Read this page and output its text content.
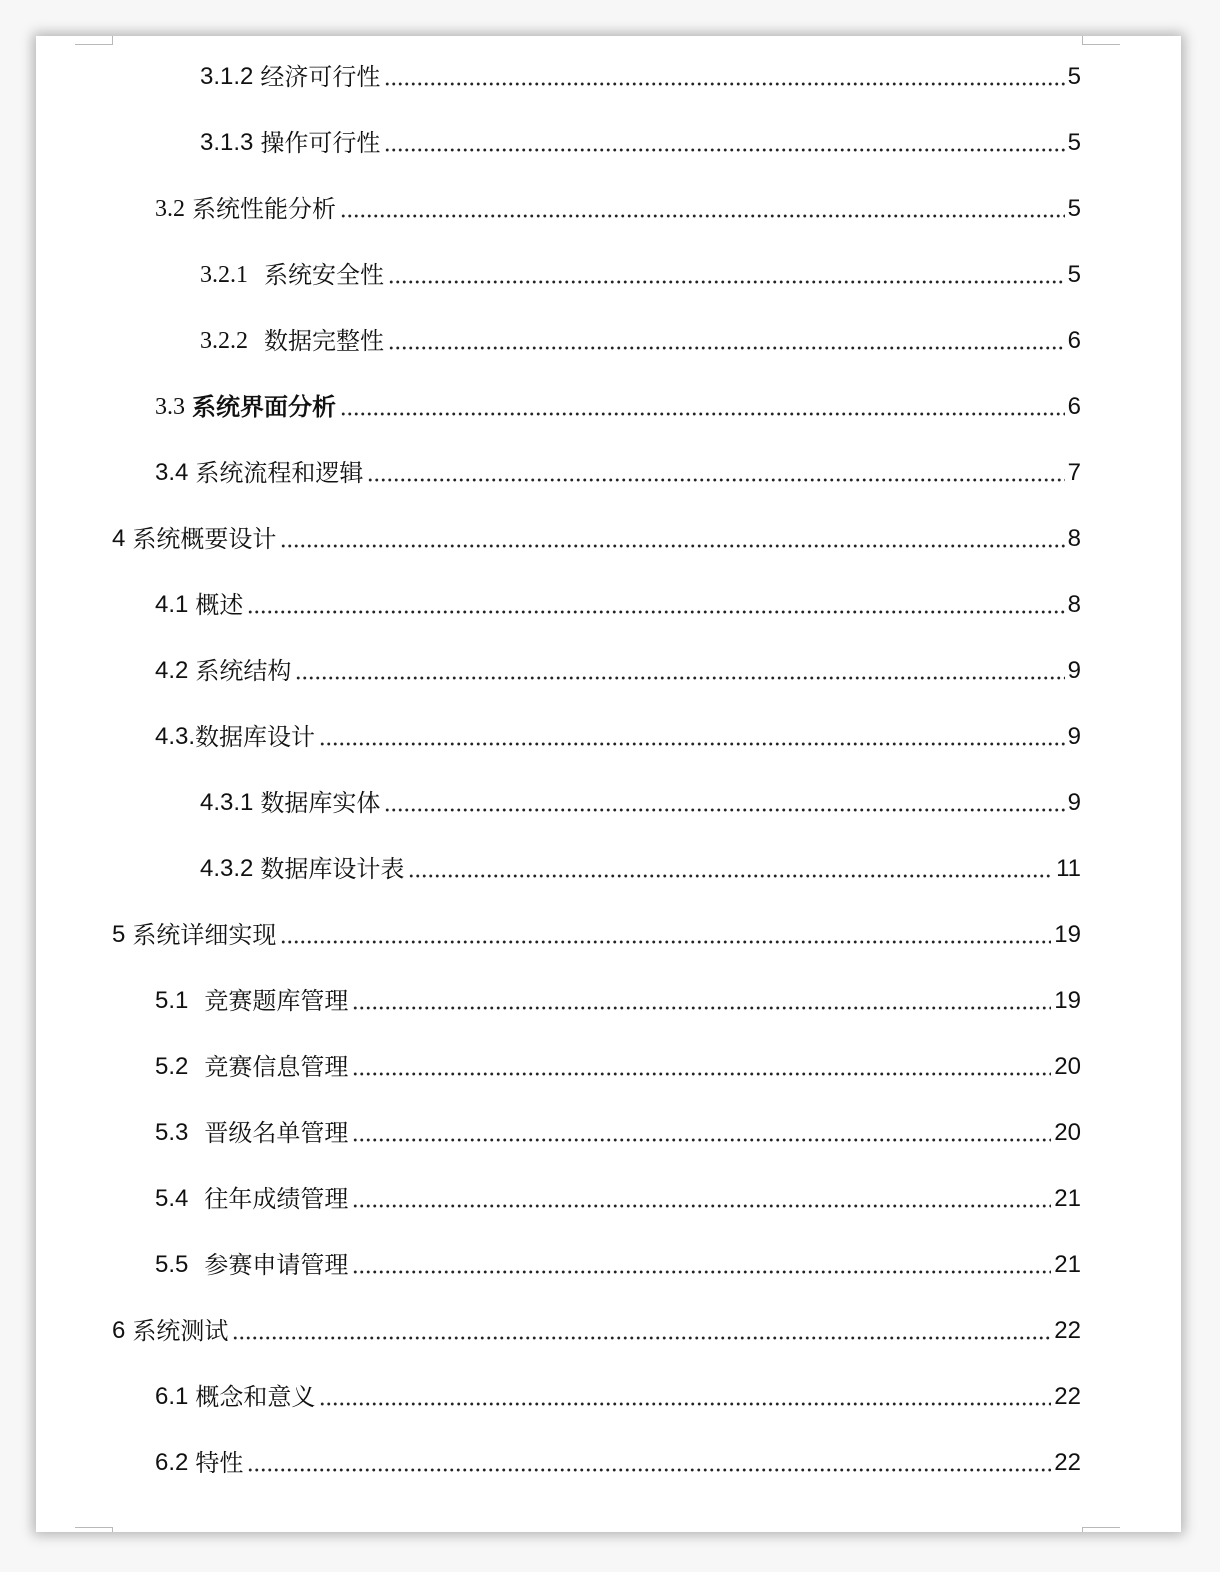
3.1.2 经济可行性	5
3.1.3 操作可行性	5
3.2 系统性能分析	5
3.2.1 系统安全性	5
3.2.2 数据完整性	6
3.3 系统界面分析	6
3.4 系统流程和逻辑	7
4 系统概要设计	8
4.1 概述	8
4.2 系统结构	9
4.3. 数据库设计	9
4.3.1 数据库实体	9
4.3.2 数据库设计表	11
5 系统详细实现	19
5.1 竞赛题库管理	19
5.2 竞赛信息管理	20
5.3 晋级名单管理	20
5.4 往年成绩管理	21
5.5 参赛申请管理	21
6 系统测试	22
6.1 概念和意义	22
6.2 特性	22
